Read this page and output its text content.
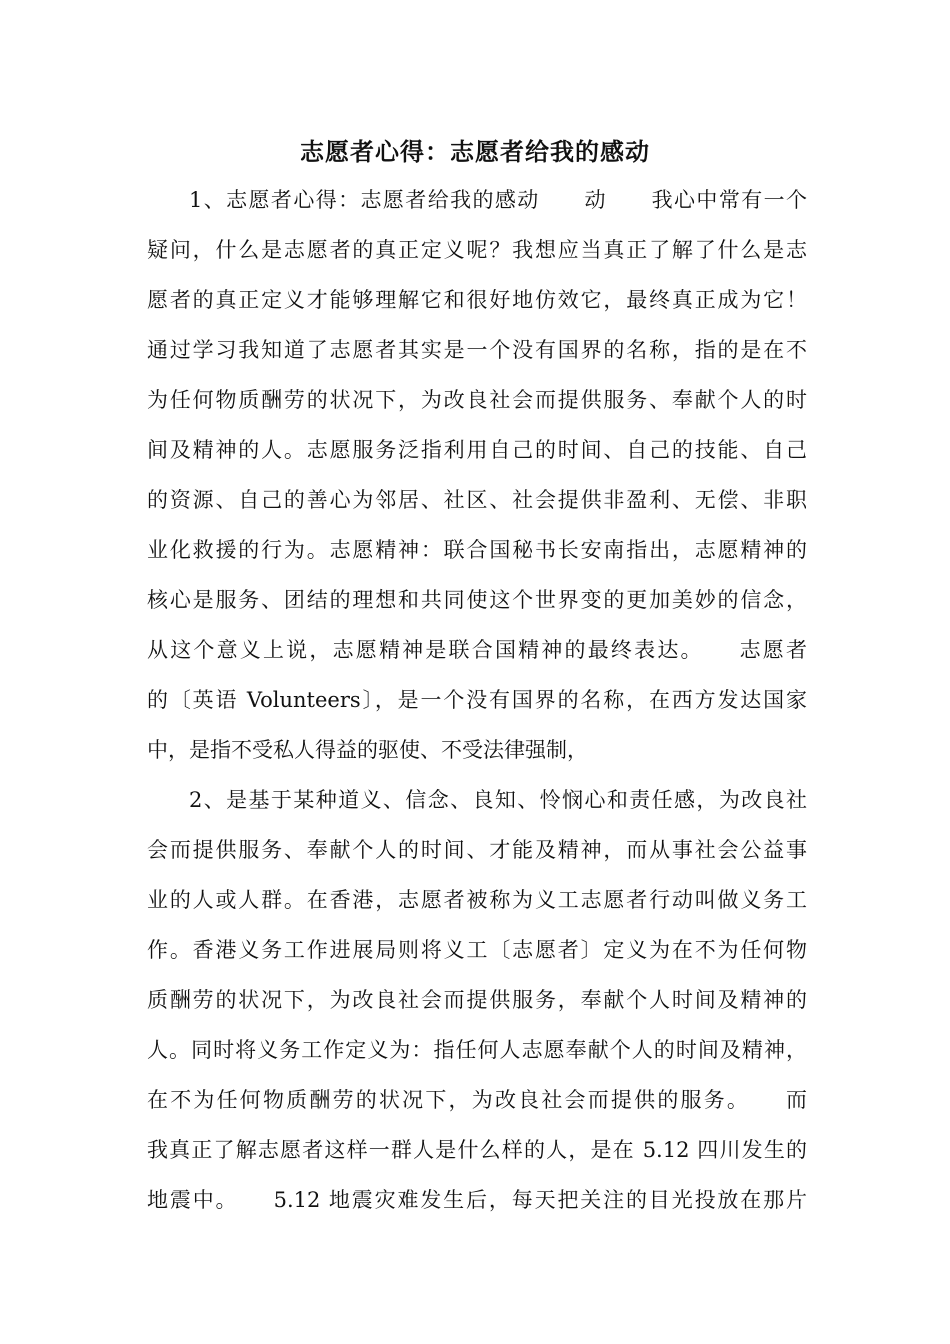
志愿者心得：志愿者给我的感动
1、志愿者心得：志愿者给我的感动　　动　　我心中常有一个
疑问，什么是志愿者的真正定义呢？我想应当真正了解了什么是志
愿者的真正定义才能够理解它和很好地仿效它，最终真正成为它！
通过学习我知道了志愿者其实是一个没有国界的名称，指的是在不
为任何物质酬劳的状况下，为改良社会而提供服务、奉献个人的时
间及精神的人。志愿服务泛指利用自己的时间、自己的技能、自己
的资源、自己的善心为邻居、社区、社会提供非盈利、无偿、非职
业化救援的行为。志愿精神：联合国秘书长安南指出，志愿精神的
核心是服务、团结的理想和共同使这个世界变的更加美妙的信念，
从这个意义上说，志愿精神是联合国精神的最终表达。　　志愿者
的〔英语 Volunteers〕，是一个没有国界的名称，在西方发达国家
中，是指不受私人得益的驱使、不受法律强制，
2、是基于某种道义、信念、良知、怜悯心和责任感，为改良社
会而提供服务、奉献个人的时间、才能及精神，而从事社会公益事
业的人或人群。在香港，志愿者被称为义工志愿者行动叫做义务工
作。香港义务工作进展局则将义工〔志愿者〕定义为在不为任何物
质酬劳的状况下，为改良社会而提供服务，奉献个人时间及精神的
人。同时将义务工作定义为：指任何人志愿奉献个人的时间及精神，
在不为任何物质酬劳的状况下，为改良社会而提供的服务。　　而
我真正了解志愿者这样一群人是什么样的人，是在 5.12 四川发生的
地震中。　　5.12 地震灾难发生后，每天把关注的目光投放在那片
